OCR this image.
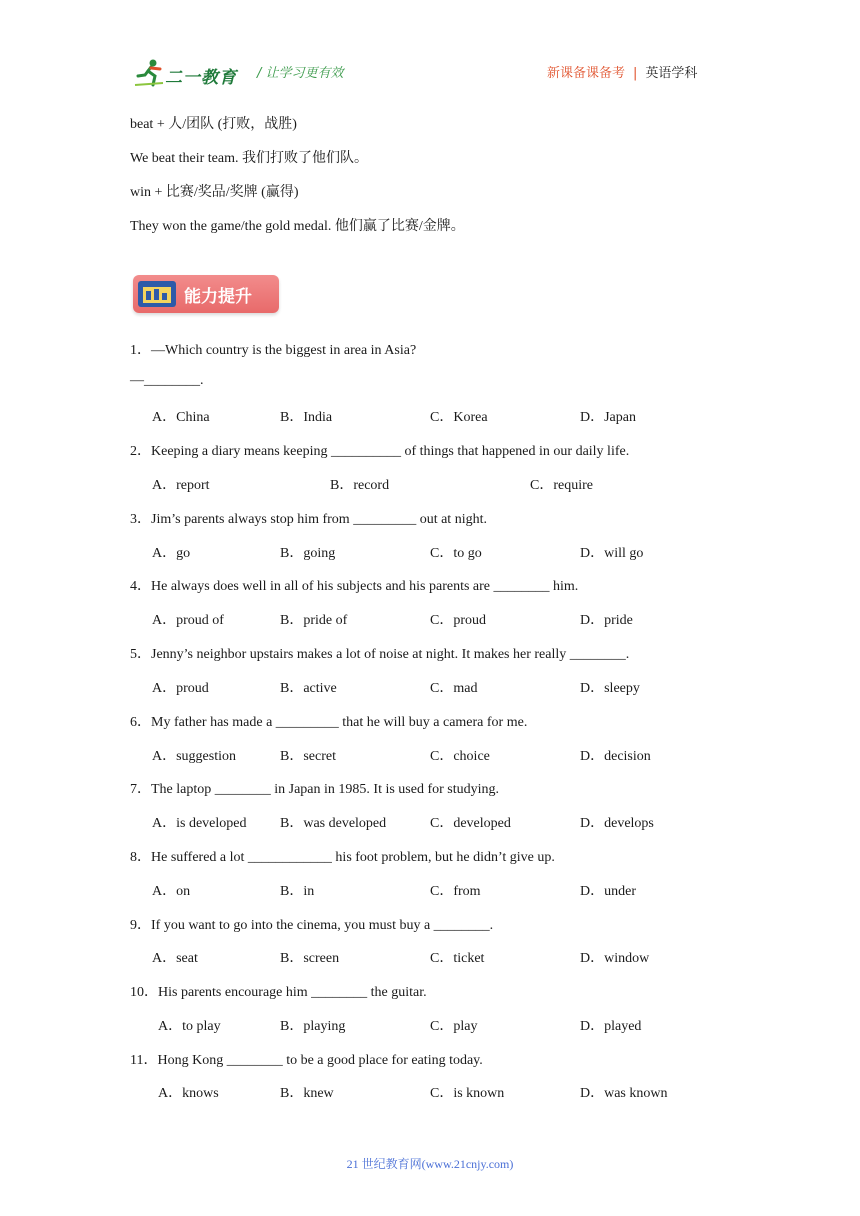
二一教育 / 让学习更有效	新课备课备考 | 英语学科
beat + 人/团队 (打败，战胜)
We beat their team. 我们打败了他们队。
win + 比赛/奖品/奖牌 (赢得)
They won the game/the gold medal. 他们赢了比赛/金牌。
能力提升
1．—Which country is the biggest in area in Asia?
—________.
A．China	B．India	C．Korea	D．Japan
2．Keeping a diary means keeping __________ of things that happened in our daily life.
A．report	B．record	C．require
3．Jim’s parents always stop him from _________ out at night.
A．go	B．going	C．to go	D．will go
4．He always does well in all of his subjects and his parents are ________ him.
A．proud of	B．pride of	C．proud	D．pride
5．Jenny’s neighbor upstairs makes a lot of noise at night. It makes her really ________.
A．proud	B．active	C．mad	D．sleepy
6．My father has made a _________ that he will buy a camera for me.
A．suggestion	B．secret	C．choice	D．decision
7．The laptop ________ in Japan in 1985. It is used for studying.
A．is developed B．was developed	C．developed	D．develops
8．He suffered a lot ____________ his foot problem, but he didn’t give up.
A．on	B．in	C．from	D．under
9．If you want to go into the cinema, you must buy a ________.
A．seat	B．screen	C．ticket	D．window
10．His parents encourage him ________ the guitar.
A．to play	B．playing	C．play	D．played
11．Hong Kong ________ to be a good place for eating today.
A．knows	B．knew	C．is known	D．was known
21 世纪教育网(www.21cnjy.com)
